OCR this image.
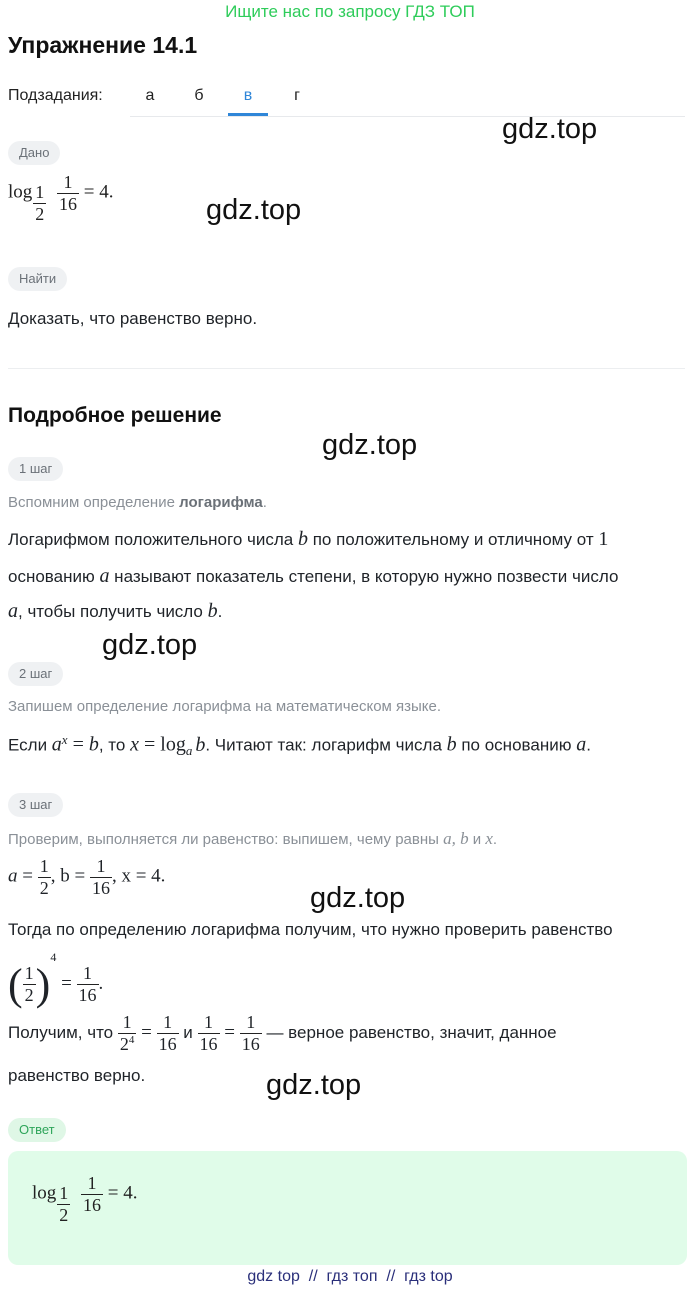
Ищите нас по запросу ГДЗ ТОП
Упражнение 14.1
Подзадания:	а	б	в	г
Дано
$\log \frac{1}{2}$
$\frac{1}{16} = 4$.
Найти
Доказать, что равенство верно.
Подробное решение
1 шаг
Вспомним определение логарифма.
Логарифмом положительного числа b по положительному и отличному от 1
основанию a называют показатель степени, в которую нужно позвести число
a, чтобы получить число b.
2 шаг
Запишем определение логарифма на математическом языке.
Если $a^x = b$, то $x = \log_a b$. Читают так: логарифм числа b по основанию a.
3 шаг
Проверим, выполняется ли равенство: выпишем, чему равны a, b и x.
$a = \frac{1}{2}$ , $b = \frac{1}{16}$ , x = 4.
Тогда по определению логарифма получим, что нужно проверить равенство
( $\frac{1}{2} )^4 = \frac{1}{16}$ .
Получим, что $\frac{1}{2^4} = \frac{1}{16}$ и $\frac{1}{16} = \frac{1}{16}$ — верное равенство, значит, данное
равенство верно.
Ответ
$\log \frac{1}{2}$
$\frac{1}{16} = 4$.
gdz.top
gdz.top
gdz.top
gdz.top
gdz.top
gdz.top
gdz top  //  гдз топ  //  гдз top
